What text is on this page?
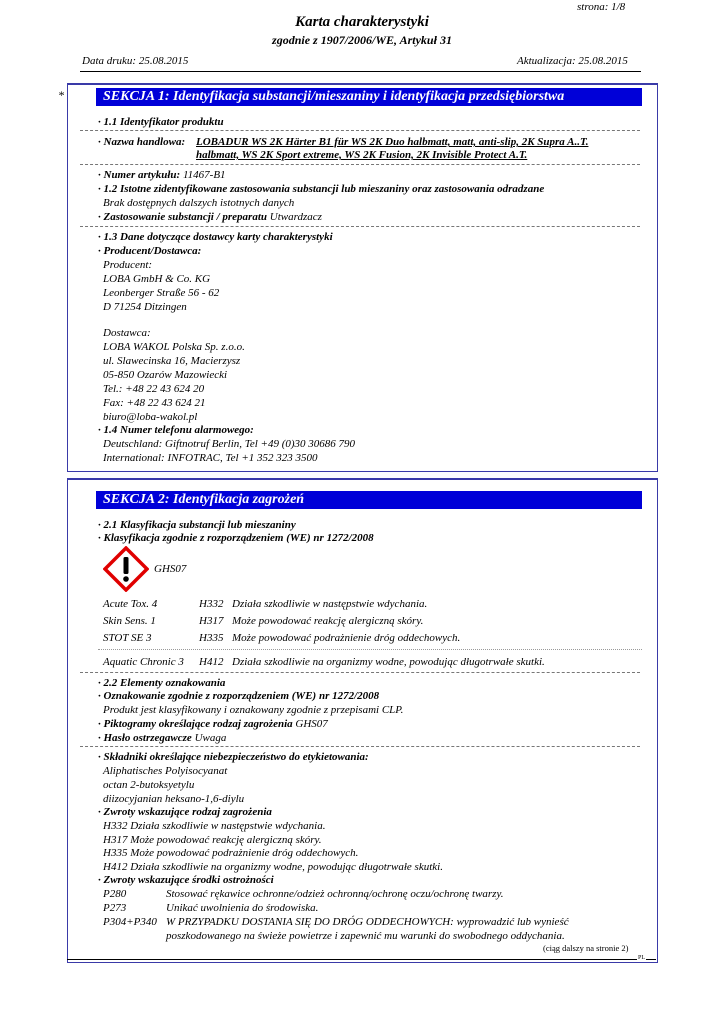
strona: 1/8
Karta charakterystyki
zgodnie z 1907/2006/WE, Artykuł 31
Data druku: 25.08.2015	Aktualizacja: 25.08.2015
*	SEKCJA 1: Identyfikacja substancji/mieszaniny i identyfikacja przedsiębiorstwa
· 1.1 Identyfikator produktu
· Nazwa handlowa: LOBADUR WS 2K Härter B1 für WS 2K Duo halbmatt, matt, anti-slip, 2K Supra A..T.
halbmatt, WS 2K Sport extreme, WS 2K Fusion, 2K Invisible Protect A.T.
· Numer artykułu: 11467-B1
· 1.2 Istotne zidentyfikowane zastosowania substancji lub mieszaniny oraz zastosowania odradzane
Brak dostępnych dalszych istotnych danych
· Zastosowanie substancji / preparatu Utwardzacz
· 1.3 Dane dotyczące dostawcy karty charakterystyki
· Producent/Dostawca:
Producent:
LOBA GmbH & Co. KG
Leonberger Straße 56 - 62
D 71254 Ditzingen
Dostawca:
LOBA WAKOL Polska Sp. z.o.o.
ul. Slawecinska 16, Macierzysz
05-850 Ozarów Mazowiecki
Tel.: +48 22 43 624 20
Fax: +48 22 43 624 21
biuro@loba-wakol.pl
· 1.4 Numer telefonu alarmowego:
Deutschland: Giftnotruf Berlin, Tel +49 (0)30 30686 790
International: INFOTRAC, Tel +1 352 323 3500
SEKCJA 2: Identyfikacja zagrożeń
· 2.1 Klasyfikacja substancji lub mieszaniny
· Klasyfikacja zgodnie z rozporządzeniem (WE) nr 1272/2008
GHS07
Acute Tox. 4	H332 Działa szkodliwie w następstwie wdychania.
Skin Sens. 1	H317 Może powodować reakcję alergiczną skóry.
STOT SE 3	H335 Może powodować podrażnienie dróg oddechowych.
Aquatic Chronic 3 H412 Działa szkodliwie na organizmy wodne, powodując długotrwałe skutki.
· 2.2 Elementy oznakowania
· Oznakowanie zgodnie z rozporządzeniem (WE) nr 1272/2008
Produkt jest klasyfikowany i oznakowany zgodnie z przepisami CLP.
· Piktogramy określające rodzaj zagrożenia GHS07
· Hasło ostrzegawcze Uwaga
· Składniki określające niebezpieczeństwo do etykietowania:
Aliphatisches Polyisocyanat
octan 2-butoksyetylu
diizocyjanian heksano-1,6-diylu
· Zwroty wskazujące rodzaj zagrożenia
H332 Działa szkodliwie w następstwie wdychania.
H317 Może powodować reakcję alergiczną skóry.
H335 Może powodować podrażnienie dróg oddechowych.
H412 Działa szkodliwie na organizmy wodne, powodując długotrwałe skutki.
· Zwroty wskazujące środki ostrożności
P280	Stosować rękawice ochronne/odzież ochronną/ochronę oczu/ochronę twarzy.
P273	Unikać uwolnienia do środowiska.
P304+P340 W PRZYPADKU DOSTANIA SIĘ DO DRÓG ODDECHOWYCH: wyprowadzić lub wynieść
poszkodowanego na świeże powietrze i zapewnić mu warunki do swobodnego oddychania.
(ciąg dalszy na stronie 2)
PL
